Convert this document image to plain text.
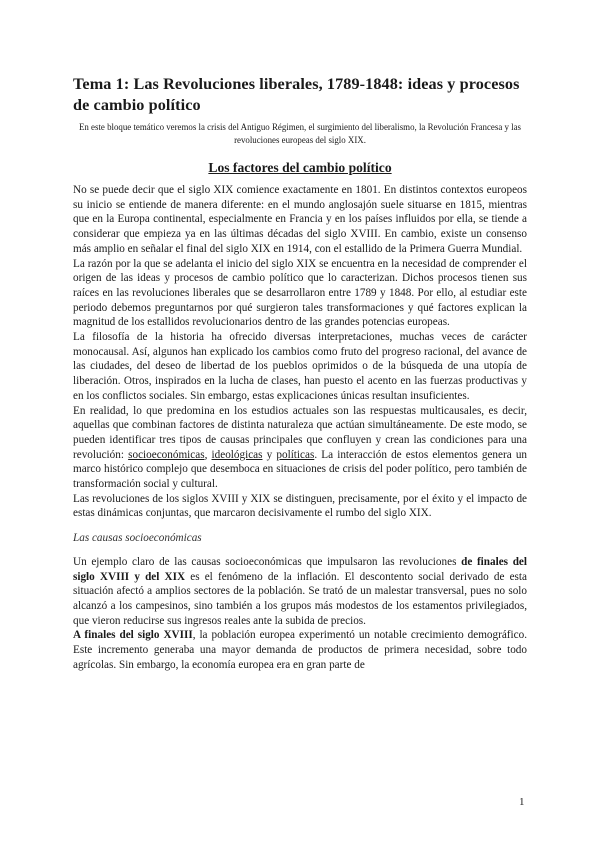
Tema 1: Las Revoluciones liberales, 1789-1848: ideas y procesos de cambio político
En este bloque temático veremos la crisis del Antiguo Régimen, el surgimiento del liberalismo, la Revolución Francesa y las revoluciones europeas del siglo XIX.
Los factores del cambio político

No se puede decir que el siglo XIX comience exactamente en 1801. En distintos contextos europeos su inicio se entiende de manera diferente: en el mundo anglosajón suele situarse en 1815, mientras que en la Europa continental, especialmente en Francia y en los países influidos por ella, se tiende a considerar que empieza ya en las últimas décadas del siglo XVIII. En cambio, existe un consenso más amplio en señalar el final del siglo XIX en 1914, con el estallido de la Primera Guerra Mundial.

La razón por la que se adelanta el inicio del siglo XIX se encuentra en la necesidad de comprender el origen de las ideas y procesos de cambio político que lo caracterizan. Dichos procesos tienen sus raíces en las revoluciones liberales que se desarrollaron entre 1789 y 1848. Por ello, al estudiar este periodo debemos preguntarnos por qué surgieron tales transformaciones y qué factores explican la magnitud de los estallidos revolucionarios dentro de las grandes potencias europeas.

La filosofía de la historia ha ofrecido diversas interpretaciones, muchas veces de carácter monocausal. Así, algunos han explicado los cambios como fruto del progreso racional, del avance de las ciudades, del deseo de libertad de los pueblos oprimidos o de la búsqueda de una utopía de liberación. Otros, inspirados en la lucha de clases, han puesto el acento en las fuerzas productivas y en los conflictos sociales. Sin embargo, estas explicaciones únicas resultan insuficientes.

En realidad, lo que predomina en los estudios actuales son las respuestas multicausales, es decir, aquellas que combinan factores de distinta naturaleza que actúan simultáneamente. De este modo, se pueden identificar tres tipos de causas principales que confluyen y crean las condiciones para una revolución: socioeconómicas, ideológicas y políticas. La interacción de estos elementos genera un marco histórico complejo que desemboca en situaciones de crisis del poder político, pero también de transformación social y cultural.

Las revoluciones de los siglos XVIII y XIX se distinguen, precisamente, por el éxito y el impacto de estas dinámicas conjuntas, que marcaron decisivamente el rumbo del siglo XIX.

Las causas socioeconómicas

Un ejemplo claro de las causas socioeconómicas que impulsaron las revoluciones de finales del siglo XVIII y del XIX es el fenómeno de la inflación. El descontento social derivado de esta situación afectó a amplios sectores de la población. Se trató de un malestar transversal, pues no solo alcanzó a los campesinos, sino también a los grupos más modestos de los estamentos privilegiados, que vieron reducirse sus ingresos reales ante la subida de precios.

A finales del siglo XVIII, la población europea experimentó un notable crecimiento demográfico. Este incremento generaba una mayor demanda de productos de primera necesidad, sobre todo agrícolas. Sin embargo, la economía europea era en gran parte de

1
